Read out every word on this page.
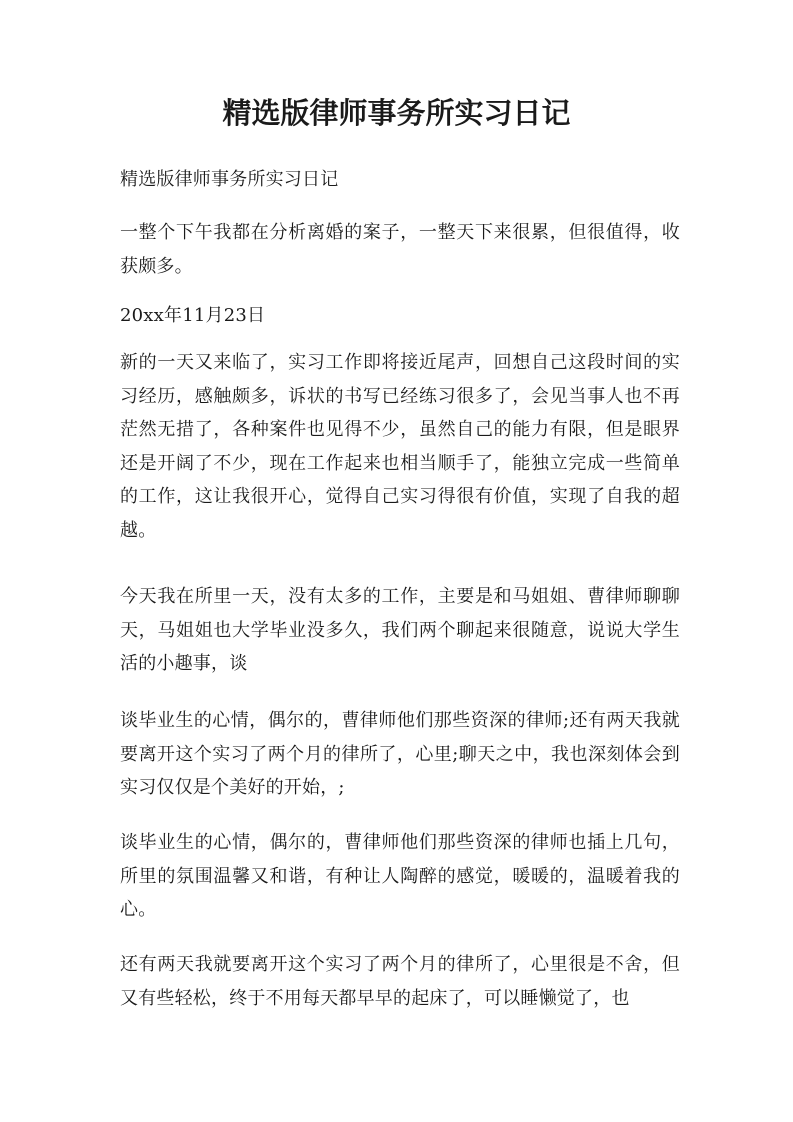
精选版律师事务所实习日记

精选版律师事务所实习日记

一整个下午我都在分析离婚的案子，一整天下来很累，但很值得，收获颇多。

20xx年11月23日

新的一天又来临了，实习工作即将接近尾声，回想自己这段时间的实习经历，感触颇多，诉状的书写已经练习很多了，会见当事人也不再茫然无措了，各种案件也见得不少，虽然自己的能力有限，但是眼界还是开阔了不少，现在工作起来也相当顺手了，能独立完成一些简单的工作，这让我很开心，觉得自己实习得很有价值，实现了自我的超越。

今天我在所里一天，没有太多的工作，主要是和马姐姐、曹律师聊聊天，马姐姐也大学毕业没多久，我们两个聊起来很随意，说说大学生活的小趣事，谈

谈毕业生的心情，偶尔的，曹律师他们那些资深的律师;还有两天我就要离开这个实习了两个月的律所了，心里;聊天之中，我也深刻体会到实习仅仅是个美好的开始，;

谈毕业生的心情，偶尔的，曹律师他们那些资深的律师也插上几句，所里的氛围温馨又和谐，有种让人陶醉的感觉，暖暖的，温暖着我的心。

还有两天我就要离开这个实习了两个月的律所了，心里很是不舍，但又有些轻松，终于不用每天都早早的起床了，可以睡懒觉了，也
